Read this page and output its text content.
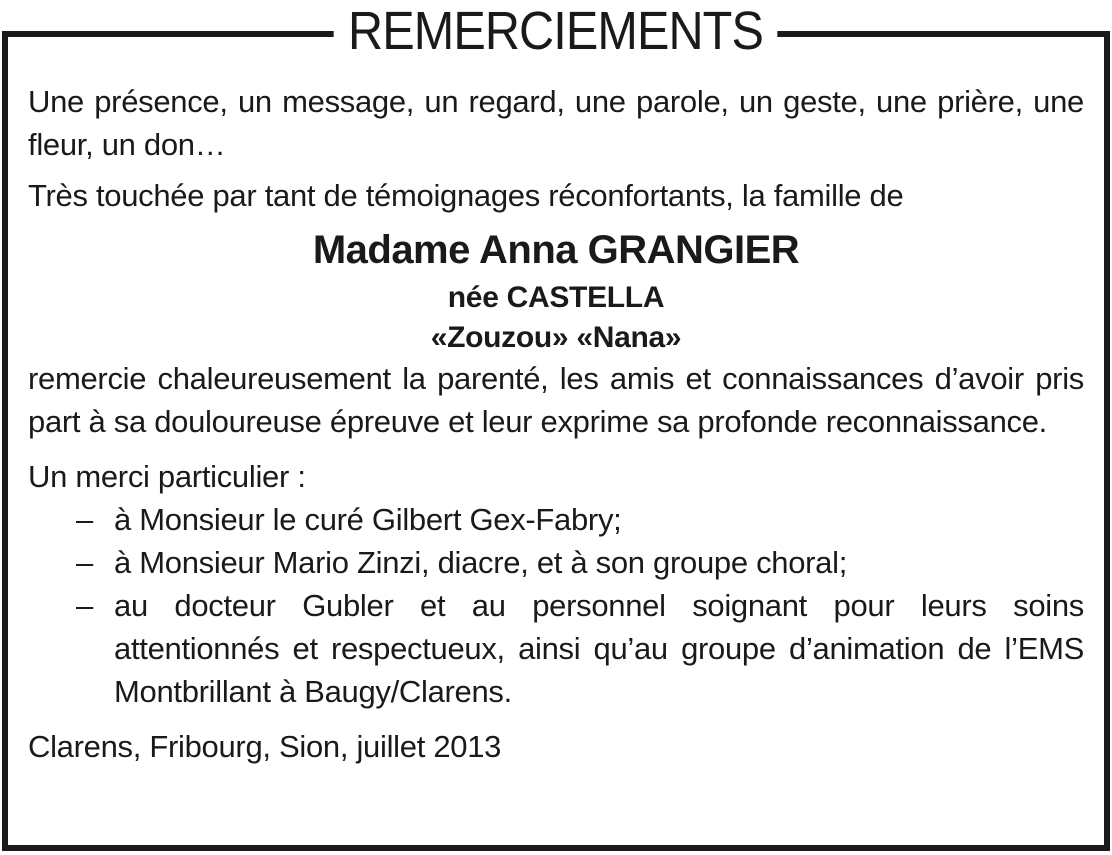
REMERCIEMENTS

Une présence, un message, un regard, une parole, un geste, une prière, une fleur, un don…

Très touchée par tant de témoignages réconfortants, la famille de

Madame Anna GRANGIER
née CASTELLA
«Zouzou» «Nana»

remercie chaleureusement la parenté, les amis et connaissances d’avoir pris part à sa douloureuse épreuve et leur exprime sa profonde reconnaissance.

Un merci particulier :

– à Monsieur le curé Gilbert Gex-Fabry;
– à Monsieur Mario Zinzi, diacre, et à son groupe choral;
– au docteur Gubler et au personnel soignant pour leurs soins attentionnés et respectueux, ainsi qu’au groupe d’animation de l’EMS Montbrillant à Baugy/Clarens.

Clarens, Fribourg, Sion, juillet 2013
